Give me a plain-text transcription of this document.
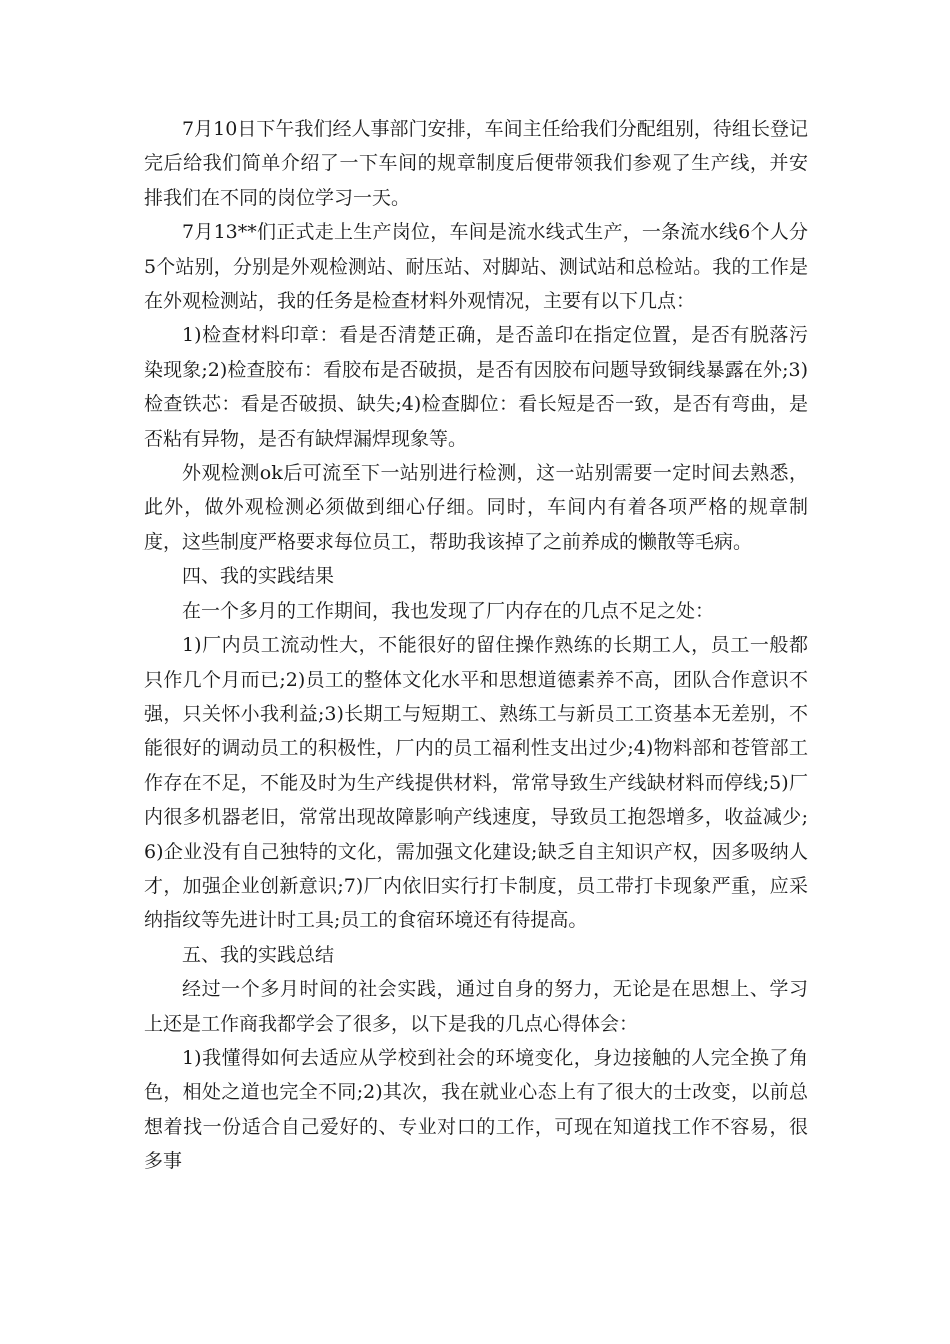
7月10日下午我们经人事部门安排，车间主任给我们分配组别，待组长登记完后给我们简单介绍了一下车间的规章制度后便带领我们参观了生产线，并安排我们在不同的岗位学习一天。

7月13**们正式走上生产岗位，车间是流水线式生产，一条流水线6个人分5个站别，分别是外观检测站、耐压站、对脚站、测试站和总检站。我的工作是在外观检测站，我的任务是检查材料外观情况，主要有以下几点：

1)检查材料印章：看是否清楚正确，是否盖印在指定位置，是否有脱落污染现象;2)检查胶布：看胶布是否破损，是否有因胶布问题导致铜线暴露在外;3)检查铁芯：看是否破损、缺失;4)检查脚位：看长短是否一致，是否有弯曲，是否粘有异物，是否有缺焊漏焊现象等。

外观检测ok后可流至下一站别进行检测，这一站别需要一定时间去熟悉，此外，做外观检测必须做到细心仔细。同时，车间内有着各项严格的规章制度，这些制度严格要求每位员工，帮助我该掉了之前养成的懒散等毛病。

四、我的实践结果

在一个多月的工作期间，我也发现了厂内存在的几点不足之处：

1)厂内员工流动性大，不能很好的留住操作熟练的长期工人，员工一般都只作几个月而已;2)员工的整体文化水平和思想道德素养不高，团队合作意识不强，只关怀小我利益;3)长期工与短期工、熟练工与新员工工资基本无差别，不能很好的调动员工的积极性，厂内的员工福利性支出过少;4)物料部和苍管部工作存在不足，不能及时为生产线提供材料，常常导致生产线缺材料而停线;5)厂内很多机器老旧，常常出现故障影响产线速度，导致员工抱怨增多，收益减少;6)企业没有自己独特的文化，需加强文化建设;缺乏自主知识产权，因多吸纳人才，加强企业创新意识;7)厂内依旧实行打卡制度，员工带打卡现象严重，应采纳指纹等先进计时工具;员工的食宿环境还有待提高。

五、我的实践总结

经过一个多月时间的社会实践，通过自身的努力，无论是在思想上、学习上还是工作商我都学会了很多，以下是我的几点心得体会：

1)我懂得如何去适应从学校到社会的环境变化，身边接触的人完全换了角色，相处之道也完全不同;2)其次，我在就业心态上有了很大的士改变，以前总想着找一份适合自己爱好的、专业对口的工作，可现在知道找工作不容易，很多事
